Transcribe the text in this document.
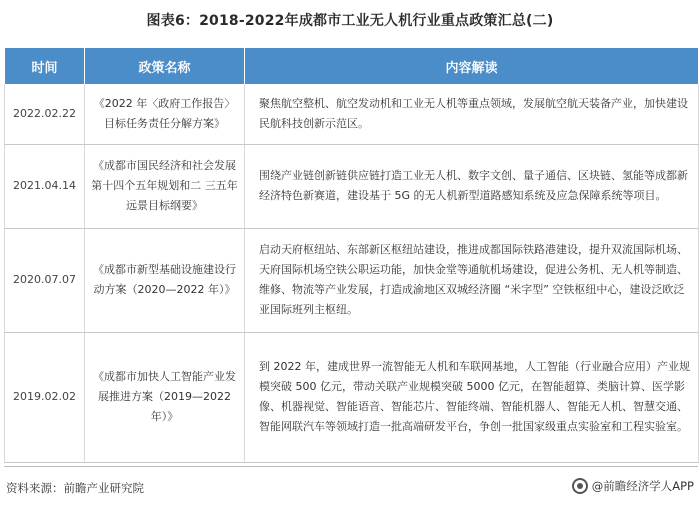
图表6：2018-2022年成都市工业无人机行业重点政策汇总(二)
时间	政策名称	内容解读
2022.02.22	《2022 年〈政府工作报告〉目标任务责任分解方案》	聚焦航空整机、航空发动机和工业无人机等重点领域，发展航空航天装备产业，加快建设民航科技创新示范区。
2021.04.14	《成都市国民经济和社会发展第十四个五年规划和二 三五年远景目标纲要》	围绕产业链创新链供应链打造工业无人机、数字文创、量子通信、区块链、氢能等成都新经济特色新赛道，建设基于 5G 的无人机新型道路感知系统及应急保障系统等项目。
2020.07.07	《成都市新型基础设施建设行动方案（2020—2022 年）》	启动天府枢纽站、东部新区枢纽站建设，推进成都国际铁路港建设，提升双流国际机场、天府国际机场空铁公职运功能，加快金堂等通航机场建设，促进公务机、无人机等制造、维修、物流等产业发展，打造成渝地区双城经济圈 “米字型” 空铁枢纽中心，建设泛欧泛亚国际班列主枢纽。
2019.02.02	《成都市加快人工智能产业发展推进方案（2019—2022 年）》	到 2022 年，建成世界一流智能无人机和车联网基地，人工智能（行业融合应用）产业规模突破 500 亿元，带动关联产业规模突破 5000 亿元，在智能超算、类脑计算、医学影像、机器视觉、智能语音、智能芯片、智能终端、智能机器人、智能无人机、智慧交通、智能网联汽车等领域打造一批高端研发平台，争创一批国家级重点实验室和工程实验室。
资料来源：前瞻产业研究院	@前瞻经济学人APP
